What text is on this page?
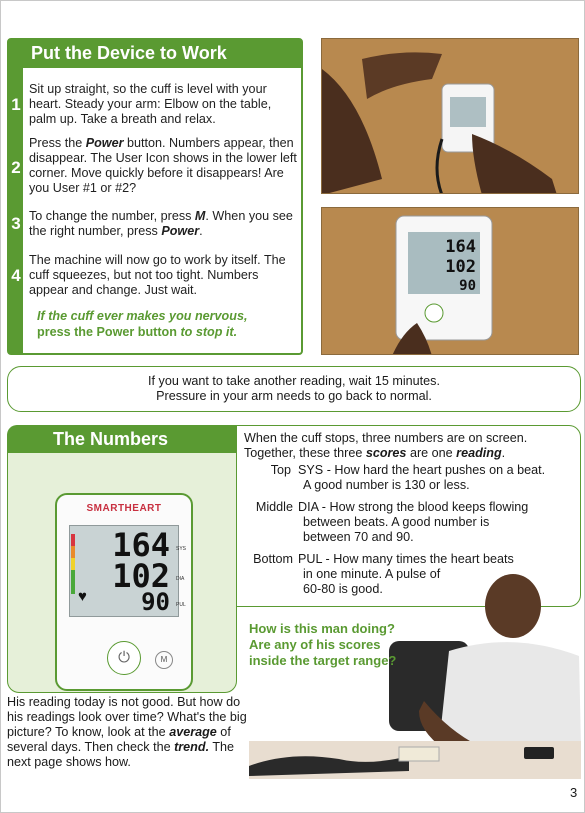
Put the Device to Work
1
Sit up straight, so the cuff is level with your heart. Steady your arm: Elbow on the table, palm up. Take a breath and relax.
2
Press the Power button. Numbers appear, then disappear. The User Icon shows in the lower left corner. Move quickly before it disappears! Are you User #1 or #2?
3 To change the number, press M. When you see the right number, press Power.
4
The machine will now go to work by itself. The cuff squeezes, but not too tight. Numbers appear and change. Just wait.
If the cuff ever makes you nervous,
press the Power button to stop it.
164
102
90
If you want to take another reading, wait 15 minutes.
Pressure in your arm needs to go back to normal.
The Numbers
SMARTHEART
164
102
90
SYS
DIA
PUL
♥
⏻	M
When the cuff stops, three numbers are on screen. Together, these three scores are one reading.
Top SYS - How hard the heart pushes on a beat.
A good number is 130 or less.
Middle DIA - How strong the blood keeps flowing
between beats. A good number is
between 70 and 90.
Bottom PUL - How many times the heart beats
in one minute. A pulse of
60-80 is good.
How is this man doing? Are any of his scores inside the target range?
His reading today is not good. But how do his readings look over time? What's the big picture? To know, look at the average of several days. Then check the trend. The next page shows how.
3
